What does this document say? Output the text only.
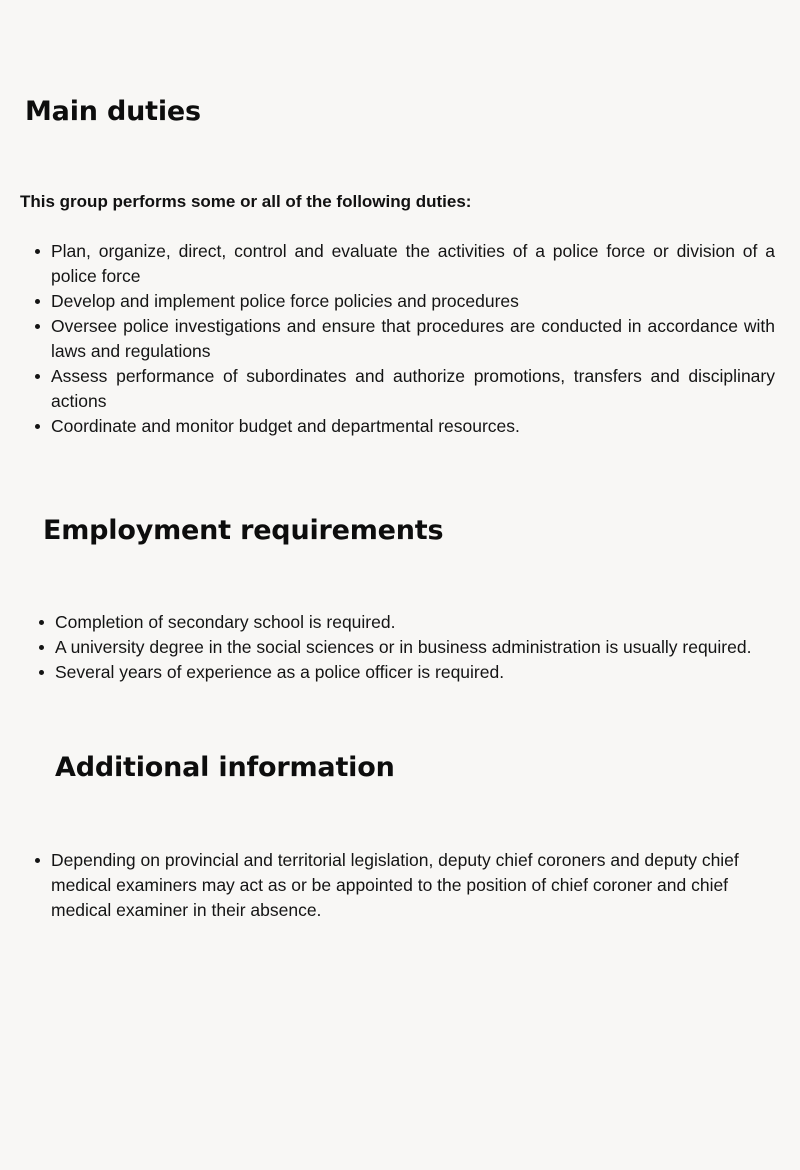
Main duties

This group performs some or all of the following duties:

Plan, organize, direct, control and evaluate the activities of a police force or division of a police force
Develop and implement police force policies and procedures
Oversee police investigations and ensure that procedures are conducted in accordance with laws and regulations
Assess performance of subordinates and authorize promotions, transfers and disciplinary actions
Coordinate and monitor budget and departmental resources.
Employment requirements
Completion of secondary school is required.
A university degree in the social sciences or in business administration is usually required.
Several years of experience as a police officer is required.
Additional information
Depending on provincial and territorial legislation, deputy chief coroners and deputy chief medical examiners may act as or be appointed to the position of chief coroner and chief medical examiner in their absence.
